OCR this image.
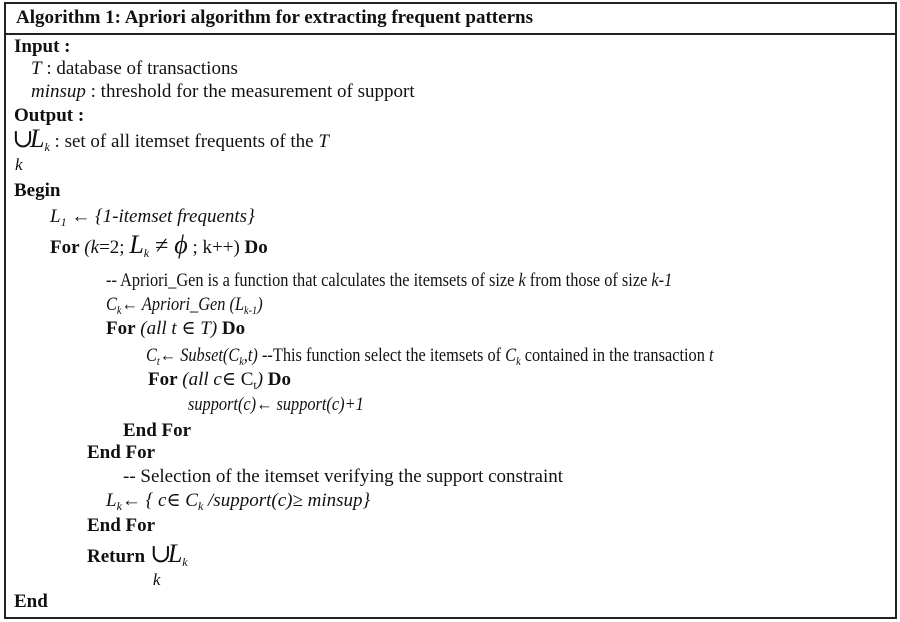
Algorithm 1: Apriori algorithm for extracting frequent patterns
Input :
T : database of transactions
minsup : threshold for the measurement of support
Output :
∪
k
$L_k$ : set of all itemset frequents of the T
Begin
$L_1$ ← {1-itemset frequents}
For (k=2; $L_k \ne \phi$ ; k++) Do
-- Apriori_Gen is a function that calculates the itemsets of size k from those of size k-1
$C_k\leftarrow$ Apriori_Gen $(L_{k-1})$
For (all t ∈ T) Do
$C_t\leftarrow$ $Subset(C_k,t)$ --This function select the itemsets of $C_k$ contained in the transaction t
For (all c∈ $C_t$) Do
support(c)← support(c)+1
End For
End For
-- Selection of the itemset verifying the support constraint
$L_k\leftarrow$ { c∈ $C_k$ /support(c)≥ minsup}
End For
Return ∪
k
$L_k$
End
